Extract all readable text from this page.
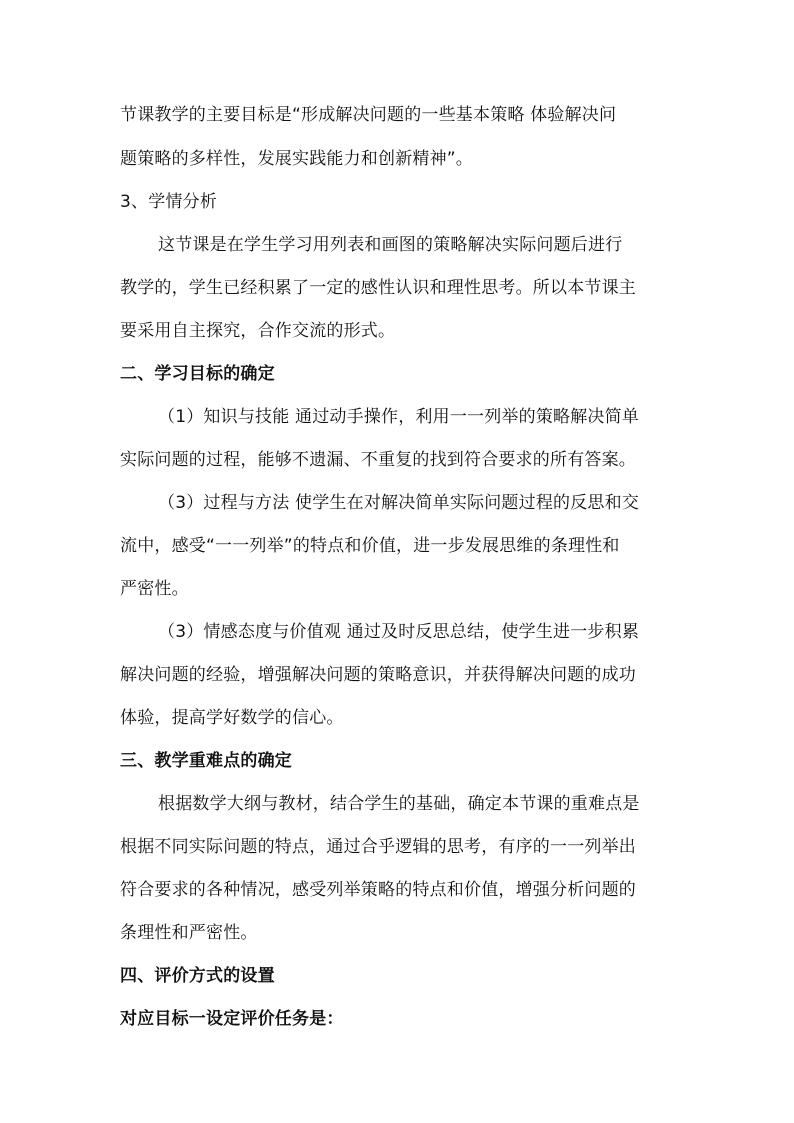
节课教学的主要目标是“形成解决问题的一些基本策略 体验解决问
题策略的多样性，发展实践能力和创新精神”。
3、学情分析
这节课是在学生学习用列表和画图的策略解决实际问题后进行
教学的，学生已经积累了一定的感性认识和理性思考。所以本节课主
要采用自主探究，合作交流的形式。
二、学习目标的确定
（1）知识与技能 通过动手操作，利用一一列举的策略解决简单
实际问题的过程，能够不遗漏、不重复的找到符合要求的所有答案。
（3）过程与方法 使学生在对解决简单实际问题过程的反思和交
流中，感受“一一列举”的特点和价值，进一步发展思维的条理性和
严密性。
（3）情感态度与价值观 通过及时反思总结，使学生进一步积累
解决问题的经验，增强解决问题的策略意识，并获得解决问题的成功
体验，提高学好数学的信心。
三、教学重难点的确定
根据数学大纲与教材，结合学生的基础，确定本节课的重难点是
根据不同实际问题的特点，通过合乎逻辑的思考，有序的一一列举出
符合要求的各种情况，感受列举策略的特点和价值，增强分析问题的
条理性和严密性。
四、评价方式的设置
对应目标一设定评价任务是：
